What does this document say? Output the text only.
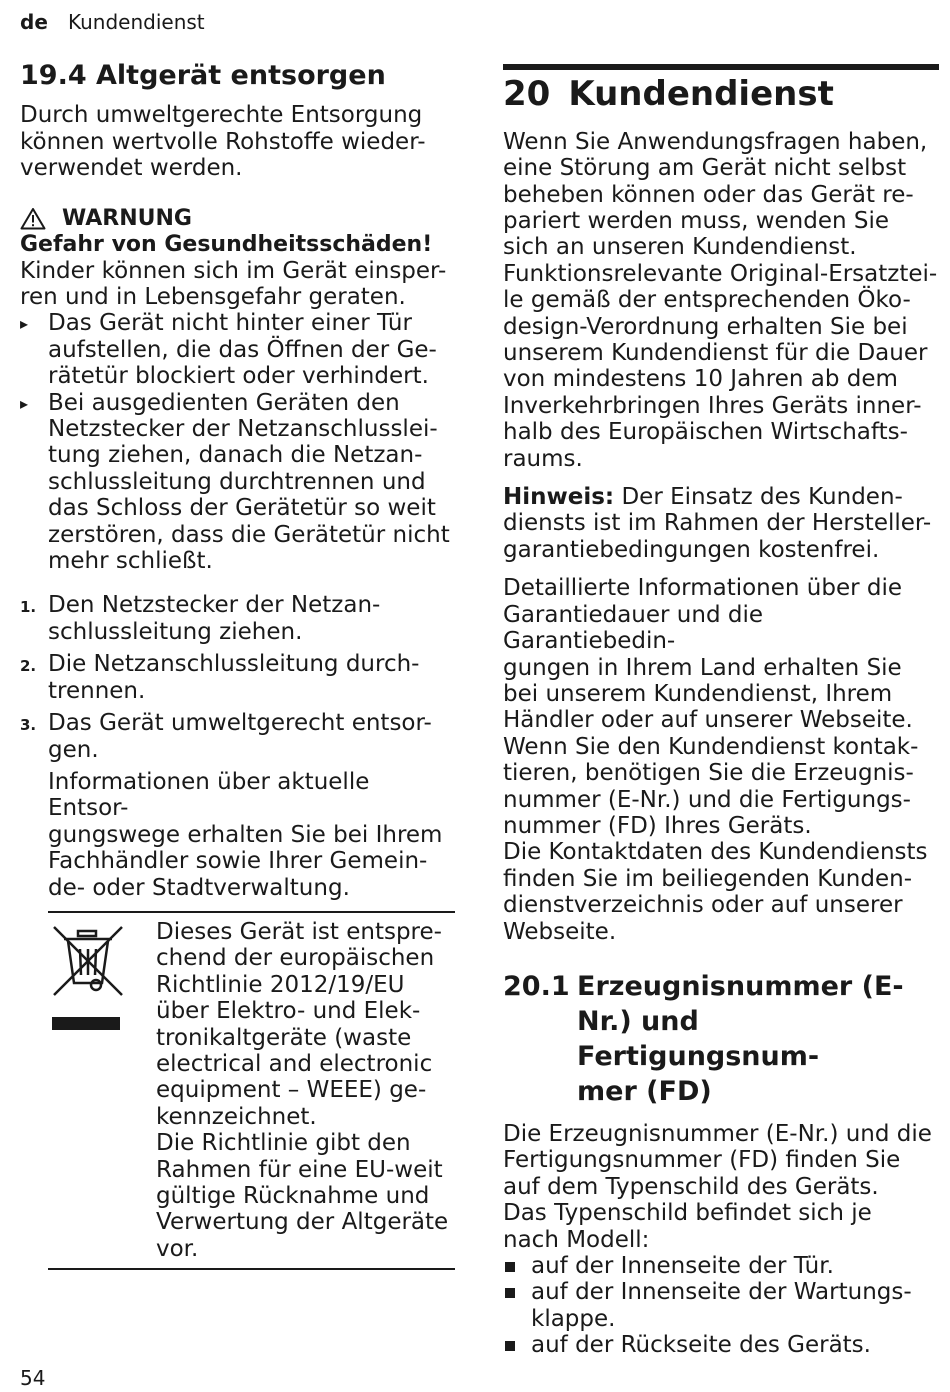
de Kundendienst
19.4 Altgerät entsorgen

Durch umweltgerechte Entsorgung
können wertvolle Rohstoffe wieder-
verwendet werden.

WARNUNG
Gefahr von Gesundheitsschäden!

Kinder können sich im Gerät einsper-
ren und in Lebensgefahr geraten.

▸ Das Gerät nicht hinter einer Tür
aufstellen, die das Öffnen der Ge-
rätetür blockiert oder verhindert.
▸ Bei ausgedienten Geräten den
Netzstecker der Netzanschlusslei-
tung ziehen, danach die Netzan-
schlussleitung durchtrennen und
das Schloss der Gerätetür so weit
zerstören, dass die Gerätetür nicht
mehr schließt.
1. Den Netzstecker der Netzan-
schlussleitung ziehen.
2. Die Netzanschlussleitung durch-
trennen.
3. Das Gerät umweltgerecht entsor-
gen.

Informationen über aktuelle Entsor-
gungswege erhalten Sie bei Ihrem
Fachhändler sowie Ihrer Gemein-
de- oder Stadtverwaltung.

Dieses Gerät ist entspre-
chend der europäischen
Richtlinie 2012/19/EU
über Elektro- und Elek-
tronikaltgeräte (waste
electrical and electronic
equipment – WEEE) ge-
kennzeichnet.
Die Richtlinie gibt den
Rahmen für eine EU-weit
gültige Rücknahme und
Verwertung der Altgeräte
vor.
20 Kundendienst

Wenn Sie Anwendungsfragen haben,
eine Störung am Gerät nicht selbst
beheben können oder das Gerät re-
pariert werden muss, wenden Sie
sich an unseren Kundendienst.
Funktionsrelevante Original-Ersatztei-
le gemäß der entsprechenden Öko-
design-Verordnung erhalten Sie bei
unserem Kundendienst für die Dauer
von mindestens 10 Jahren ab dem
Inverkehrbringen Ihres Geräts inner-
halb des Europäischen Wirtschafts-
raums.

Hinweis: Der Einsatz des Kunden-
diensts ist im Rahmen der Hersteller-
garantiebedingungen kostenfrei.

Detaillierte Informationen über die
Garantiedauer und die Garantiebedin-
gungen in Ihrem Land erhalten Sie
bei unserem Kundendienst, Ihrem
Händler oder auf unserer Webseite.
Wenn Sie den Kundendienst kontak-
tieren, benötigen Sie die Erzeugnis-
nummer (E-Nr.) und die Fertigungs-
nummer (FD) Ihres Geräts.
Die Kontaktdaten des Kundendiensts
finden Sie im beiliegenden Kunden-
dienstverzeichnis oder auf unserer
Webseite.

20.1 Erzeugnisnummer (E-
Nr.) und Fertigungsnum-
mer (FD)

Die Erzeugnisnummer (E-Nr.) und die
Fertigungsnummer (FD) finden Sie
auf dem Typenschild des Geräts.
Das Typenschild befindet sich je
nach Modell:

auf der Innenseite der Tür.
auf der Innenseite der Wartungs-
klappe.
auf der Rückseite des Geräts.
54
